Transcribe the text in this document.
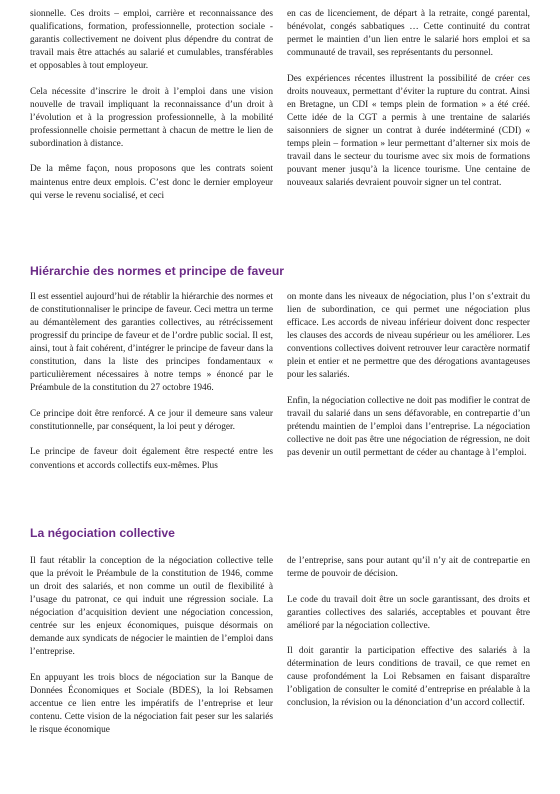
sionnelle. Ces droits – emploi, carrière et reconnaissance des qualifications, formation, professionnelle, protection sociale - garantis collectivement ne doivent plus dépendre du contrat de travail mais être attachés au salarié et cumulables, transférables et opposables à tout employeur.

Cela nécessite d’inscrire le droit à l’emploi dans une vision nouvelle de travail impliquant la reconnaissance d’un droit à l’évolution et à la progression professionnelle, à la mobilité professionnelle choisie permettant à chacun de mettre le lien de subordination à distance.

De la même façon, nous proposons que les contrats soient maintenus entre deux emplois. C’est donc le dernier employeur qui verse le revenu socialisé, et ceci

en cas de licenciement, de départ à la retraite, congé parental, bénévolat, congés sabbatiques … Cette continuité du contrat permet le maintien d’un lien entre le salarié hors emploi et sa communauté de travail, ses représentants du personnel.

Des expériences récentes illustrent la possibilité de créer ces droits nouveaux, permettant d’éviter la rupture du contrat. Ainsi en Bretagne, un CDI « temps plein de formation » a été créé. Cette idée de la CGT a permis à une trentaine de salariés saisonniers de signer un contrat à durée indéterminé (CDI) « temps plein – formation » leur permettant d’alterner six mois de travail dans le secteur du tourisme avec six mois de formations pouvant mener jusqu’à la licence tourisme. Une centaine de nouveaux salariés devraient pouvoir signer un tel contrat.

Hiérarchie des normes et principe de faveur

Il est essentiel aujourd’hui de rétablir la hiérarchie des normes et de constitutionnaliser le principe de faveur. Ceci mettra un terme au démantèlement des garanties collectives, au rétrécissement progressif du principe de faveur et de l’ordre public social. Il est, ainsi, tout à fait cohérent, d’intégrer le principe de faveur dans la constitution, dans la liste des principes fondamentaux « particulièrement nécessaires à notre temps » énoncé par le Préambule de la constitution du 27 octobre 1946.

Ce principe doit être renforcé. A ce jour il demeure sans valeur constitutionnelle, par conséquent, la loi peut y déroger.

Le principe de faveur doit également être respecté entre les conventions et accords collectifs eux-mêmes. Plus

on monte dans les niveaux de négociation, plus l’on s’extrait du lien de subordination, ce qui permet une négociation plus efficace. Les accords de niveau inférieur doivent donc respecter les clauses des accords de niveau supérieur ou les améliorer. Les conventions collectives doivent retrouver leur caractère normatif plein et entier et ne permettre que des dérogations avantageuses pour les salariés.

Enfin, la négociation collective ne doit pas modifier le contrat de travail du salarié dans un sens défavorable, en contrepartie d’un prétendu maintien de l’emploi dans l’entreprise. La négociation collective ne doit pas être une négociation de régression, ne doit pas devenir un outil permettant de céder au chantage à l’emploi.

La négociation collective

Il faut rétablir la conception de la négociation collective telle que la prévoit le Préambule de la constitution de 1946, comme un droit des salariés, et non comme un outil de flexibilité à l’usage du patronat, ce qui induit une régression sociale. La négociation d’acquisition devient une négociation concession, centrée sur les enjeux économiques, puisque désormais on demande aux syndicats de négocier le maintien de l’emploi dans l’entreprise.

En appuyant les trois blocs de négociation sur la Banque de Données Économiques et Sociale (BDES), la loi Rebsamen accentue ce lien entre les impératifs de l’entreprise et leur contenu. Cette vision de la négociation fait peser sur les salariés le risque économique

de l’entreprise, sans pour autant qu’il n’y ait de contrepartie en terme de pouvoir de décision.

Le code du travail doit être un socle garantissant, des droits et garanties collectives des salariés, acceptables et pouvant être amélioré par la négociation collective.

Il doit garantir la participation effective des salariés à la détermination de leurs conditions de travail, ce que remet en cause profondément la Loi Rebsamen en faisant disparaître l’obligation de consulter le comité d’entreprise en préalable à la conclusion, la révision ou la dénonciation d’un accord collectif.
